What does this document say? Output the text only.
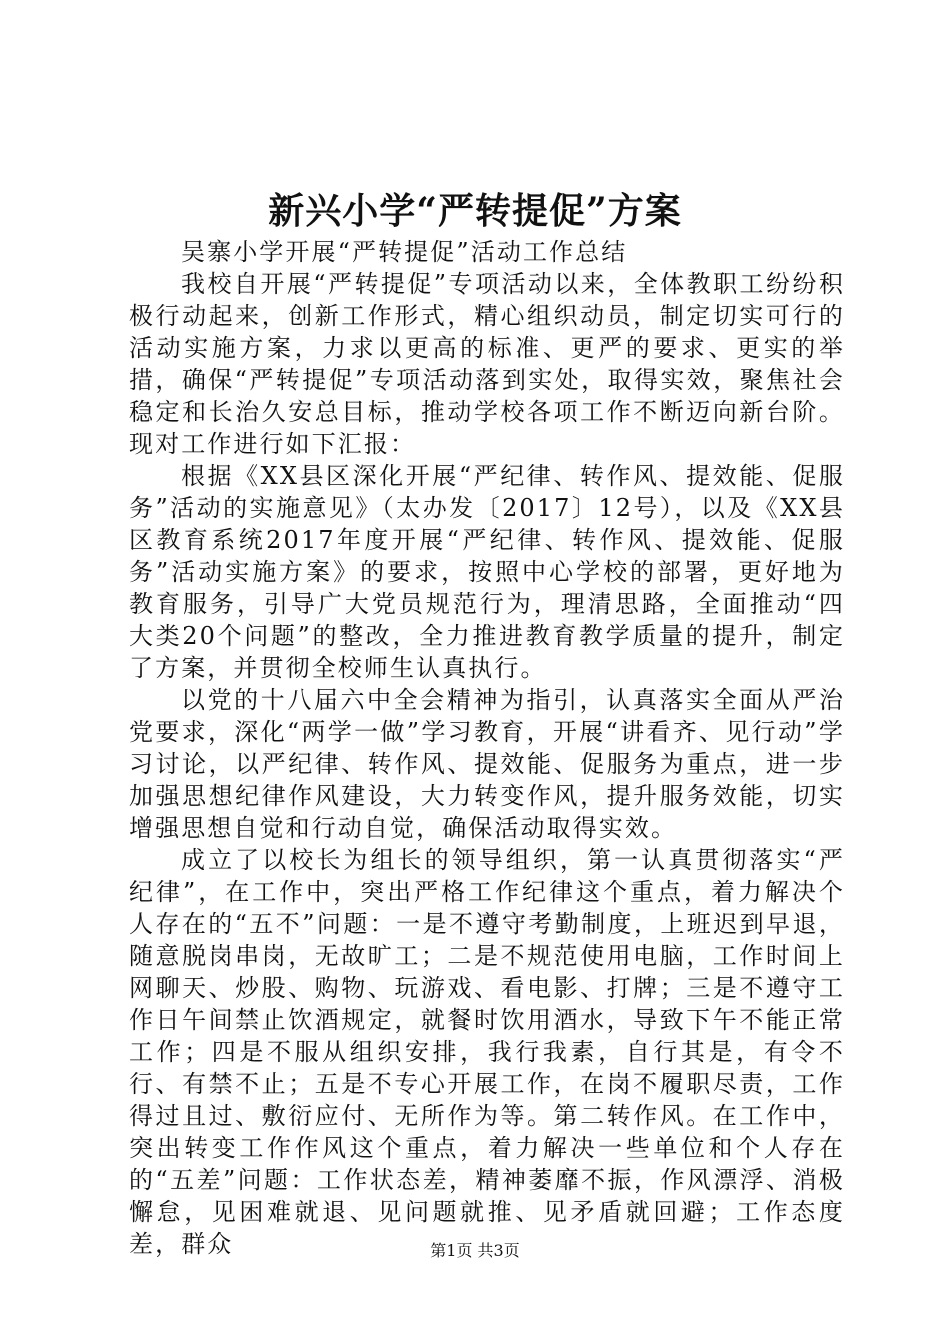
新兴小学“严转提促”方案

吴寨小学开展“严转提促”活动工作总结

我校自开展“严转提促”专项活动以来，全体教职工纷纷积极行动起来，创新工作形式，精心组织动员，制定切实可行的活动实施方案，力求以更高的标准、更严的要求、更实的举措，确保“严转提促”专项活动落到实处，取得实效，聚焦社会稳定和长治久安总目标，推动学校各项工作不断迈向新台阶。现对工作进行如下汇报：

根据《XX县区深化开展“严纪律、转作风、提效能、促服务”活动的实施意见》（太办发〔2017〕12号），以及《XX县区教育系统2017年度开展“严纪律、转作风、提效能、促服务”活动实施方案》的要求，按照中心学校的部署，更好地为教育服务，引导广大党员规范行为，理清思路，全面推动“四大类20个问题”的整改，全力推进教育教学质量的提升，制定了方案，并贯彻全校师生认真执行。

以党的十八届六中全会精神为指引，认真落实全面从严治党要求，深化“两学一做”学习教育，开展“讲看齐、见行动”学习讨论，以严纪律、转作风、提效能、促服务为重点，进一步加强思想纪律作风建设，大力转变作风，提升服务效能，切实增强思想自觉和行动自觉，确保活动取得实效。

成立了以校长为组长的领导组织，第一认真贯彻落实“严纪律”，在工作中，突出严格工作纪律这个重点，着力解决个人存在的“五不”问题：一是不遵守考勤制度，上班迟到早退，随意脱岗串岗，无故旷工；二是不规范使用电脑，工作时间上网聊天、炒股、购物、玩游戏、看电影、打牌；三是不遵守工作日午间禁止饮酒规定，就餐时饮用酒水，导致下午不能正常工作；四是不服从组织安排，我行我素，自行其是，有令不行、有禁不止；五是不专心开展工作，在岗不履职尽责，工作得过且过、敷衍应付、无所作为等。第二转作风。在工作中，突出转变工作作风这个重点，着力解决一些单位和个人存在的“五差”问题：工作状态差，精神萎靡不振，作风漂浮、消极懈怠，见困难就退、见问题就推、见矛盾就回避；工作态度差，群众	第1页 共3页
